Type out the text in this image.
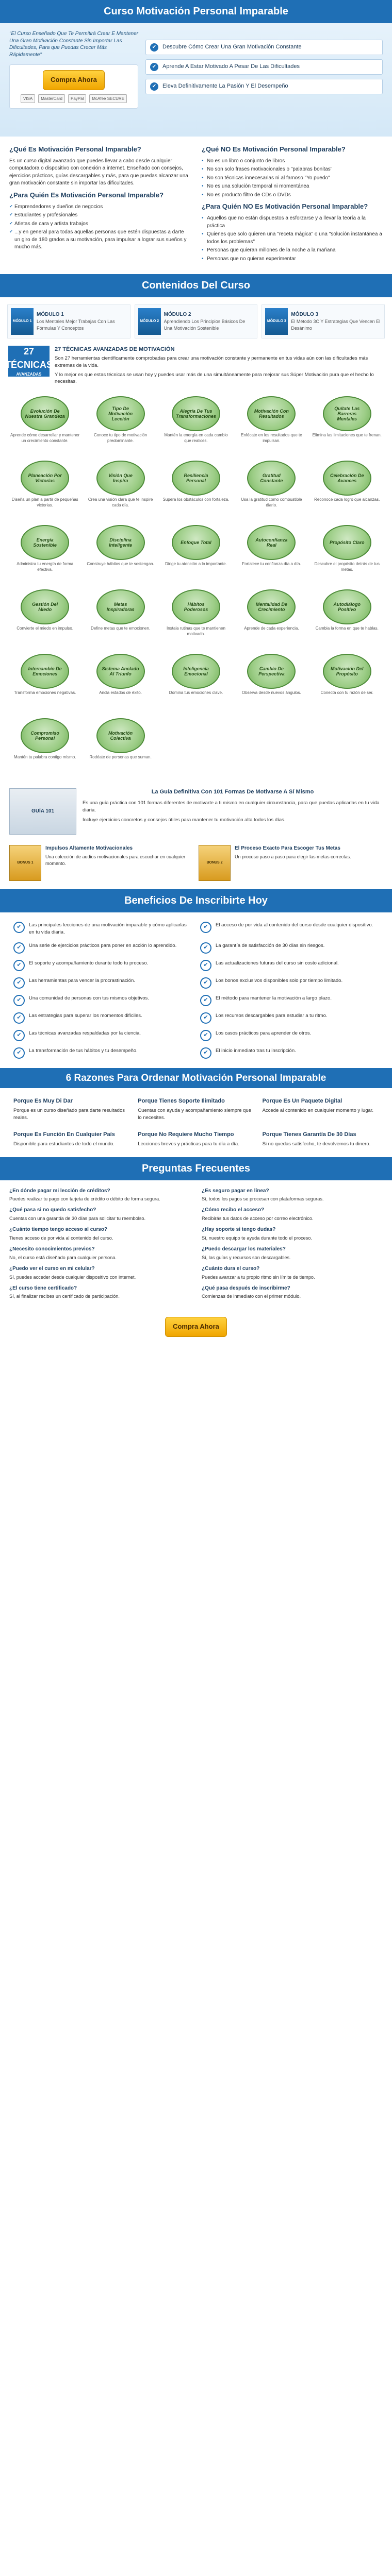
Curso Motivación Personal Imparable

"El Curso Enseñado Que Te Permitirá Crear E Mantener Una Gran Motivación Constante Sin Importar Las Dificultades, Para que Puedas Crecer Más Rápidamente"

Compra Ahora
VISA	MasterCard	PayPal	McAfee SECURE
✔	Descubre Cómo Crear Una Gran Motivación Constante
✔	Aprende A Estar Motivado A Pesar De Las Dificultades
✔	Eleva Definitivamente La Pasión Y El Desempeño
¿Qué Es Motivación Personal Imparable?

Es un curso digital avanzado que puedes llevar a cabo desde cualquier computadora o dispositivo con conexión a internet. Enseñado con consejos, ejercicios prácticos, guías descargables y más, para que puedas alcanzar una gran motivación constante sin importar las dificultades.

¿Para Quién Es Motivación Personal Imparable?
✔ Emprendedores y dueños de negocios
✔ Estudiantes y profesionales
✔ Atletas de cara y artista trabajos
✔ ...y en general para todas aquellas personas que estén dispuestas a darte un giro de 180 grados a su motivación, para impulsar a lograr sus sueños y mucho más.
¿Qué NO Es Motivación Personal Imparable?
• No es un libro o conjunto de libros
• No son solo frases motivacionales o "palabras bonitas"
• No son técnicas innecesarias ni al famoso "Yo puedo"
• No es una solución temporal ni momentánea
• No es producto filtro de CDs o DVDs
¿Para Quién NO Es Motivación Personal Imparable?
• Aquellos que no están dispuestos a esforzarse y a llevar la teoría a la práctica
• Quienes que solo quieren una "receta mágica" o una "solución instantánea a todos los problemas"
• Personas que quieran millones de la noche a la mañana
• Personas que no quieran experimentar
Contenidos Del Curso
MÓDULO 1
MÓDULO 1
Los Mentales Mejor Trabajas Con Las Fórmulas Y Conceptos
MÓDULO 2
MÓDULO 2
Aprendiendo Los Principios Básicos De Una Motivación Sostenible
MÓDULO 3
MÓDULO 3
El Método 3C Y Estrategias Que Vencen El Desánimo
27 TÉCNICAS
AVANZADAS
27 TÉCNICAS AVANZADAS DE MOTIVACIÓN

Son 27 herramientas científicamente comprobadas para crear una motivación constante y permanente en tus vidas aún con las dificultades más extremas de la vida.

Y lo mejor es que estas técnicas se usan hoy y puedes usar más de una simultáneamente para mejorar sus Súper Motivación pura que el hecho lo necesitas.

Evolución De Nuestra Grandeza

Aprende cómo desarrollar y mantener un crecimiento constante.

Tipo De Motivación Lección

Conoce tu tipo de motivación predominante.

Alegría De Tus Transformaciones

Mantén la energía en cada cambio que realices.

Motivación Con Resultados

Enfócate en los resultados que te impulsan.

Quítate Las Barreras Mentales

Elimina las limitaciones que te frenan.

Planeación Por Victorias

Diseña un plan a partir de pequeñas victorias.

Visión Que Inspira

Crea una visión clara que te inspire cada día.

Resiliencia Personal

Supera los obstáculos con fortaleza.

Gratitud Constante

Usa la gratitud como combustible diario.

Celebración De Avances

Reconoce cada logro que alcanzas.

Energía Sostenible

Administra tu energía de forma efectiva.

Disciplina Inteligente

Construye hábitos que te sostengan.

Enfoque Total

Dirige tu atención a lo importante.

Autoconfianza Real

Fortalece tu confianza día a día.

Propósito Claro

Descubre el propósito detrás de tus metas.

Gestión Del Miedo

Convierte el miedo en impulso.

Metas Inspiradoras

Define metas que te emocionen.

Hábitos Poderosos

Instala rutinas que te mantienen motivado.

Mentalidad De Crecimiento

Aprende de cada experiencia.

Autodiálogo Positivo

Cambia la forma en que te hablas.

Intercambio De Emociones

Transforma emociones negativas.

Sistema Anclado Al Triunfo

Ancla estados de éxito.

Inteligencia Emocional

Domina tus emociones clave.

Cambio De Perspectiva

Observa desde nuevos ángulos.

Motivación Del Propósito

Conecta con tu razón de ser.

Compromiso Personal

Mantén tu palabra contigo mismo.

Motivación Colectiva

Rodéate de personas que suman.

GUÍA 101
La Guía Definitiva Con 101 Formas De Motivarse A Sí Mismo

Es una guía práctica con 101 formas diferentes de motivarte a ti mismo en cualquier circunstancia, para que puedas aplicarlas en tu vida diaria.

Incluye ejercicios concretos y consejos útiles para mantener tu motivación alta todos los días.

BONUS 1
Impulsos Altamente Motivacionales

Una colección de audios motivacionales para escuchar en cualquier momento.	BONUS 2
El Proceso Exacto Para Escoger Tus Metas

Un proceso paso a paso para elegir las metas correctas.

Beneficios De Inscribirte Hoy
✔	Las principales lecciones de una motivación imparable y cómo aplicarlas en tu vida diaria.

✔	El acceso de por vida al contenido del curso desde cualquier dispositivo.

✔	Una serie de ejercicios prácticos para poner en acción lo aprendido.	✔	La garantía de satisfacción de 30 días sin riesgos.

✔	El soporte y acompañamiento durante todo tu proceso.	✔	Las actualizaciones futuras del curso sin costo adicional.

✔	Las herramientas para vencer la procrastinación.	✔	Los bonos exclusivos disponibles solo por tiempo limitado.

✔	Una comunidad de personas con tus mismos objetivos.	✔	El método para mantener la motivación a largo plazo.

✔	Las estrategias para superar los momentos difíciles.	✔	Los recursos descargables para estudiar a tu ritmo.

✔	Las técnicas avanzadas respaldadas por la ciencia.	✔	Los casos prácticos para aprender de otros.

✔	La transformación de tus hábitos y tu desempeño.	✔	El inicio inmediato tras tu inscripción.

6 Razones Para Ordenar Motivación Personal Imparable
Porque Es Muy Di Dar

Porque es un curso diseñado para darte resultados reales.

Porque Tienes Soporte Ilimitado

Cuentas con ayuda y acompañamiento siempre que lo necesites.

Porque Es Un Paquete Digital

Accede al contenido en cualquier momento y lugar.

Porque Es Función En Cualquier País

Disponible para estudiantes de todo el mundo.

Porque No Requiere Mucho Tiempo

Lecciones breves y prácticas para tu día a día.

Porque Tienes Garantía De 30 Días

Si no quedas satisfecho, te devolvemos tu dinero.

Preguntas Frecuentes
¿En dónde pagar mi lección de créditos?

Puedes realizar tu pago con tarjeta de crédito o débito de forma segura.

¿Qué pasa si no quedo satisfecho?

Cuentas con una garantía de 30 días para solicitar tu reembolso.

¿Cuánto tiempo tengo acceso al curso?

Tienes acceso de por vida al contenido del curso.

¿Necesito conocimientos previos?

No, el curso está diseñado para cualquier persona.

¿Puedo ver el curso en mi celular?

Sí, puedes acceder desde cualquier dispositivo con internet.

¿El curso tiene certificado?

Sí, al finalizar recibes un certificado de participación.

¿Es seguro pagar en línea?

Sí, todos los pagos se procesan con plataformas seguras.

¿Cómo recibo el acceso?

Recibirás tus datos de acceso por correo electrónico.

¿Hay soporte si tengo dudas?

Sí, nuestro equipo te ayuda durante todo el proceso.

¿Puedo descargar los materiales?

Sí, las guías y recursos son descargables.

¿Cuánto dura el curso?

Puedes avanzar a tu propio ritmo sin límite de tiempo.

¿Qué pasa después de inscribirme?

Comienzas de inmediato con el primer módulo.

Compra Ahora
